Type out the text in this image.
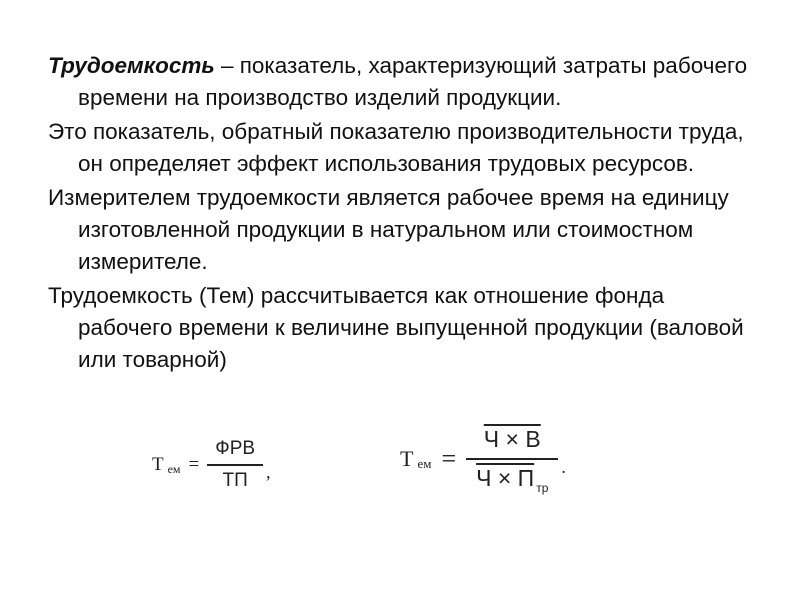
Трудоемкость – показатель, характеризующий затраты рабочего времени на производство изделий продукции.

Это показатель, обратный показателю производительности труда, он определяет эффект использования трудовых ресурсов.

Измерителем трудоемкости является рабочее время на единицу изготовленной продукции в натуральном или стоимостном измерителе.

Трудоемкость (Тем) рассчитывается как отношение фонда рабочего времени к величине выпущенной продукции (валовой или товарной)

Т ем = $\frac{\text{ФРВ}}{ТП}$ ,
Т ем = $\frac{Ч \times В}{Ч \times П _{тр}}$ .
